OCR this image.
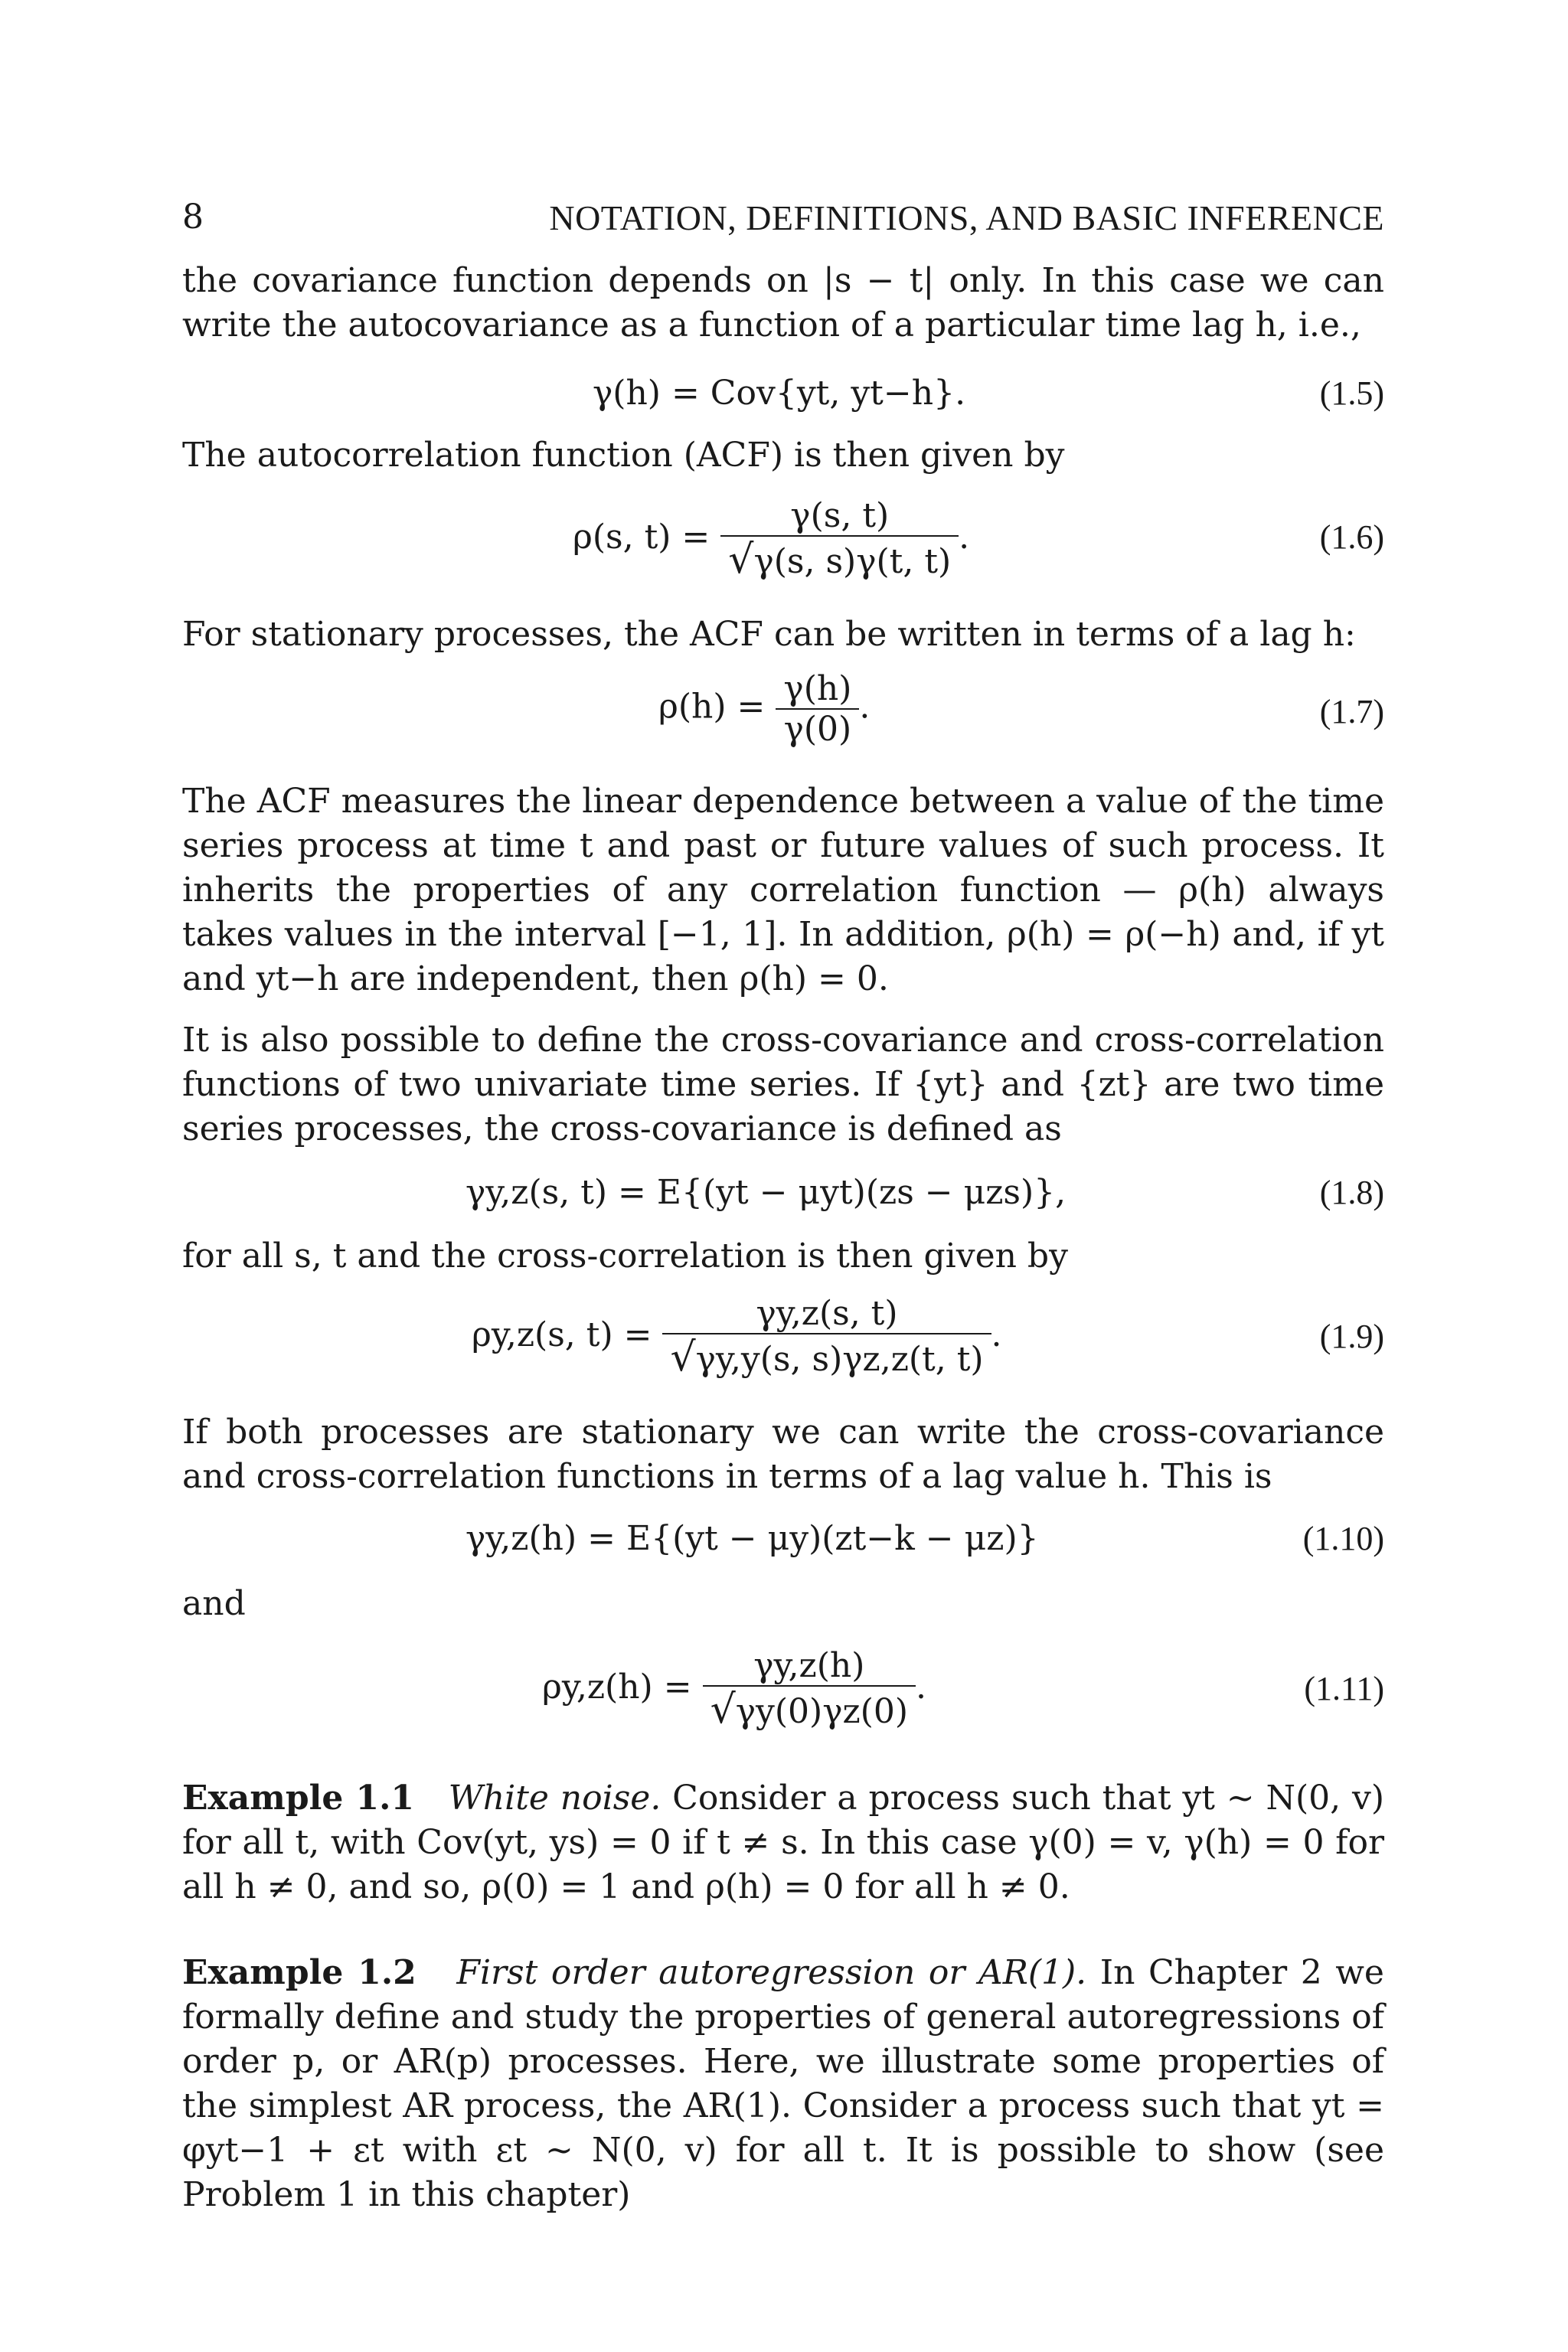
8	NOTATION, DEFINITIONS, AND BASIC INFERENCE

the covariance function depends on |s − t| only. In this case we can write the autocovariance as a function of a particular time lag h, i.e.,

γ(h) = Cov{yt, yt−h}.	(1.5)

The autocorrelation function (ACF) is then given by

ρ(s, t) = γ(s, t)
√ γ(s, s)γ(t, t) .	(1.6)

For stationary processes, the ACF can be written in terms of a lag h:

$\rho(h) = \frac{\gamma(h)}{\gamma(0)}$ .	(1.7)

The ACF measures the linear dependence between a value of the time series process at time t and past or future values of such process. It inherits the properties of any correlation function — ρ(h) always takes values in the interval [−1, 1]. In addition, ρ(h) = ρ(−h) and, if yt and yt−h are independent, then ρ(h) = 0.

It is also possible to define the cross-covariance and cross-correlation functions of two univariate time series. If {yt} and {zt} are two time series processes, the cross-covariance is defined as

γy,z(s, t) = E{(yt − μyt)(zs − μzs)},	(1.8)

for all s, t and the cross-correlation is then given by

ρy,z(s, t) = γy,z(s, t)
√ γy,y(s, s)γz,z(t, t) .	(1.9)

If both processes are stationary we can write the cross-covariance and cross-correlation functions in terms of a lag value h. This is

γy,z(h) = E{(yt − μy)(zt−k − μz)}	(1.10)

and

ρy,z(h) = γy,z(h)
√ γy(0)γz(0) .	(1.11)

Example 1.1 White noise. Consider a process such that yt ∼ N(0, v) for all t, with Cov(yt, ys) = 0 if t ≠ s. In this case γ(0) = v, γ(h) = 0 for all h ≠ 0, and so, ρ(0) = 1 and ρ(h) = 0 for all h ≠ 0.

Example 1.2 First order autoregression or AR(1). In Chapter 2 we formally define and study the properties of general autoregressions of order p, or AR(p) processes. Here, we illustrate some properties of the simplest AR process, the AR(1). Consider a process such that yt = φyt−1 + εt with εt ∼ N(0, v) for all t. It is possible to show (see Problem 1 in this chapter)
